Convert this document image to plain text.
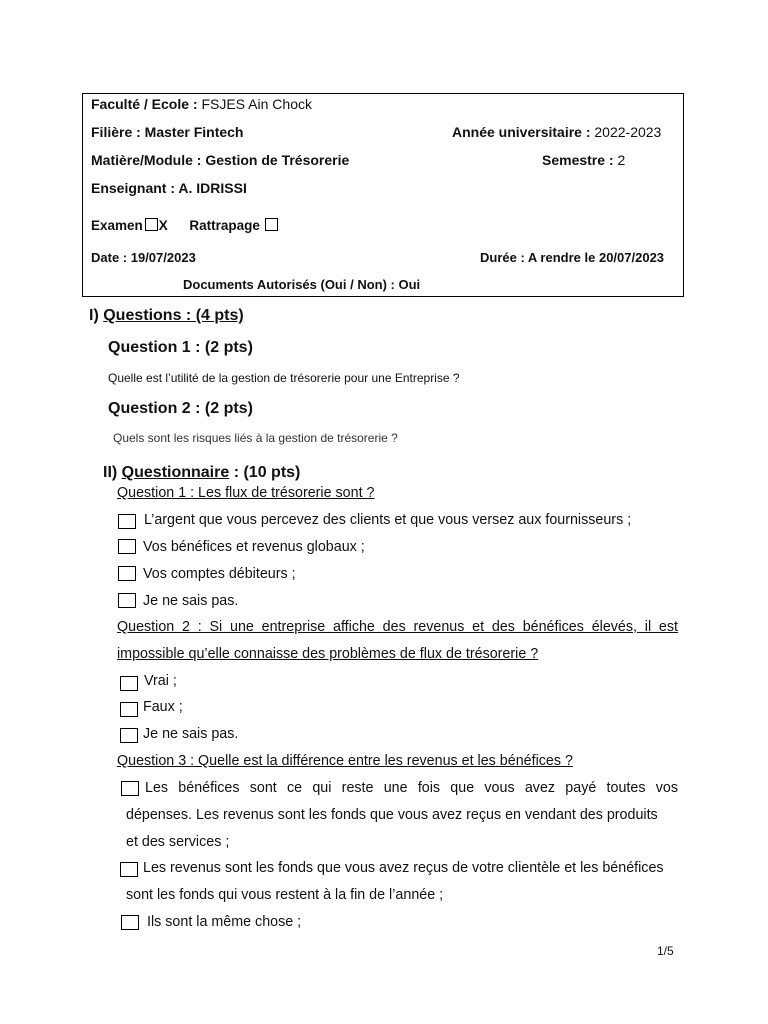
Faculté / Ecole : FSJES Ain Chock
Filière : Master Fintech	Année universitaire : 2022-2023
Matière/Module : Gestion de Trésorerie	Semestre : 2
Enseignant : A. IDRISSI
Examen X Rattrapage
Date : 19/07/2023	Durée : A rendre le 20/07/2023
Documents Autorisés (Oui / Non) : Oui
I) Questions : (4 pts)
Question 1 : (2 pts)
Quelle est l’utilité de la gestion de trésorerie pour une Entreprise ?
Question 2 : (2 pts)
Quels sont les risques liés à la gestion de trésorerie ?
II) Questionnaire : (10 pts)
Question 1 : Les flux de trésorerie sont ?
L’argent que vous percevez des clients et que vous versez aux fournisseurs ;
Vos bénéfices et revenus globaux ;
Vos comptes débiteurs ;
Je ne sais pas.
Question 2 : Si une entreprise affiche des revenus et des bénéfices élevés, il est
impossible qu’elle connaisse des problèmes de flux de trésorerie ?
Vrai ;
Faux ;
Je ne sais pas.
Question 3 : Quelle est la différence entre les revenus et les bénéfices ?
Les bénéfices sont ce qui reste une fois que vous avez payé toutes vos
dépenses. Les revenus sont les fonds que vous avez reçus en vendant des produits
et des services ;
Les revenus sont les fonds que vous avez reçus de votre clientèle et les bénéfices
sont les fonds qui vous restent à la fin de l’année ;
Ils sont la même chose ;
1/5
